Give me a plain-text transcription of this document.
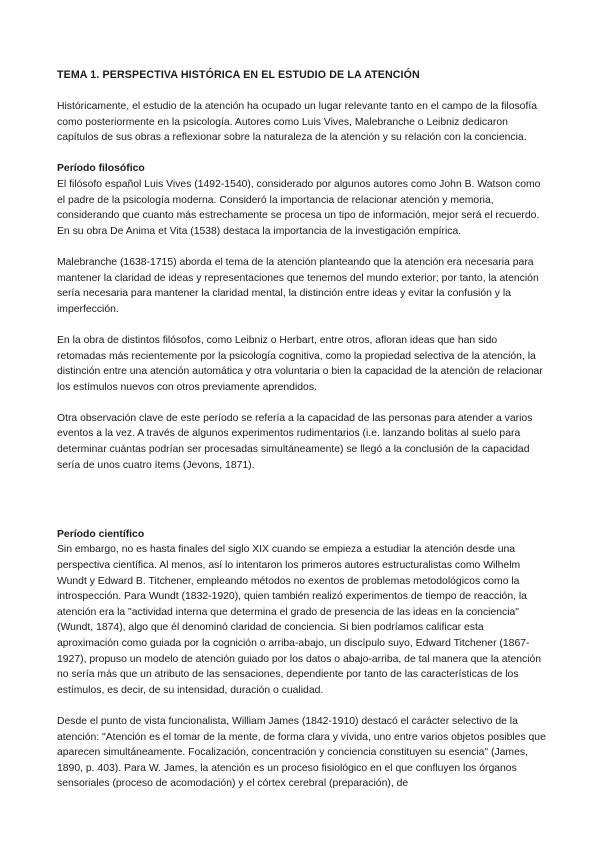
TEMA 1. PERSPECTIVA HISTÓRICA EN EL ESTUDIO DE LA ATENCIÓN

Históricamente, el estudio de la atención ha ocupado un lugar relevante tanto en el campo de la filosofía como posteriormente en la psicología. Autores como Luis Vives, Malebranche o Leibniz dedicaron capítulos de sus obras a reflexionar sobre la naturaleza de la atención y su relación con la conciencia.

Período filosófico

El filósofo español Luis Vives (1492-1540), considerado por algunos autores como John B. Watson como el padre de la psicología moderna. Consideró la importancia de relacionar atención y memoria, considerando que cuanto más estrechamente se procesa un tipo de información, mejor será el recuerdo. En su obra De Anima et Vita (1538) destaca la importancia de la investigación empírica.

Malebranche (1638-1715) aborda el tema de la atención planteando que la atención era necesaria para mantener la claridad de ideas y representaciones que tenemos del mundo exterior; por tanto, la atención sería necesaria para mantener la claridad mental, la distinción entre ideas y evitar la confusión y la imperfección.

En la obra de distintos filósofos, como Leibniz o Herbart, entre otros, afloran ideas que han sido retomadas más recientemente por la psicología cognitiva, como la propiedad selectiva de la atención, la distinción entre una atención automática y otra voluntaria o bien la capacidad de la atención de relacionar los estímulos nuevos con otros previamente aprendidos.

Otra observación clave de este período se refería a la capacidad de las personas para atender a varios eventos a la vez. A través de algunos experimentos rudimentarios (i.e. lanzando bolitas al suelo para determinar cuántas podrían ser procesadas simultáneamente) se llegó a la conclusión de la capacidad sería de unos cuatro ítems (Jevons, 1871).

Período científico

Sin embargo, no es hasta finales del siglo XIX cuando se empieza a estudiar la atención desde una perspectiva científica. Al menos, así lo intentaron los primeros autores estructuralistas como Wilhelm Wundt y Edward B. Titchener, empleando métodos no exentos de problemas metodológicos como la introspección. Para Wundt (1832-1920), quien también realizó experimentos de tiempo de reacción, la atención era la "actividad interna que determina el grado de presencia de las ideas en la conciencia" (Wundt, 1874), algo que él denominó claridad de conciencia. Si bien podríamos calificar esta aproximación como guiada por la cognición o arriba-abajo, un discípulo suyo, Edward Titchener (1867-1927), propuso un modelo de atención guiado por los datos o abajo-arriba, de tal manera que la atención no sería más que un atributo de las sensaciones, dependiente por tanto de las características de los estímulos, es decir, de su intensidad, duración o cualidad.

Desde el punto de vista funcionalista, William James (1842-1910) destacó el carácter selectivo de la atención: "Atención es el tomar de la mente, de forma clara y vívida, uno entre varios objetos posibles que aparecen simultáneamente. Focalización, concentración y conciencia constituyen su esencia" (James, 1890, p. 403). Para W. James, la atención es un proceso fisiológico en el que confluyen los órganos sensoriales (proceso de acomodación) y el córtex cerebral (preparación), de
